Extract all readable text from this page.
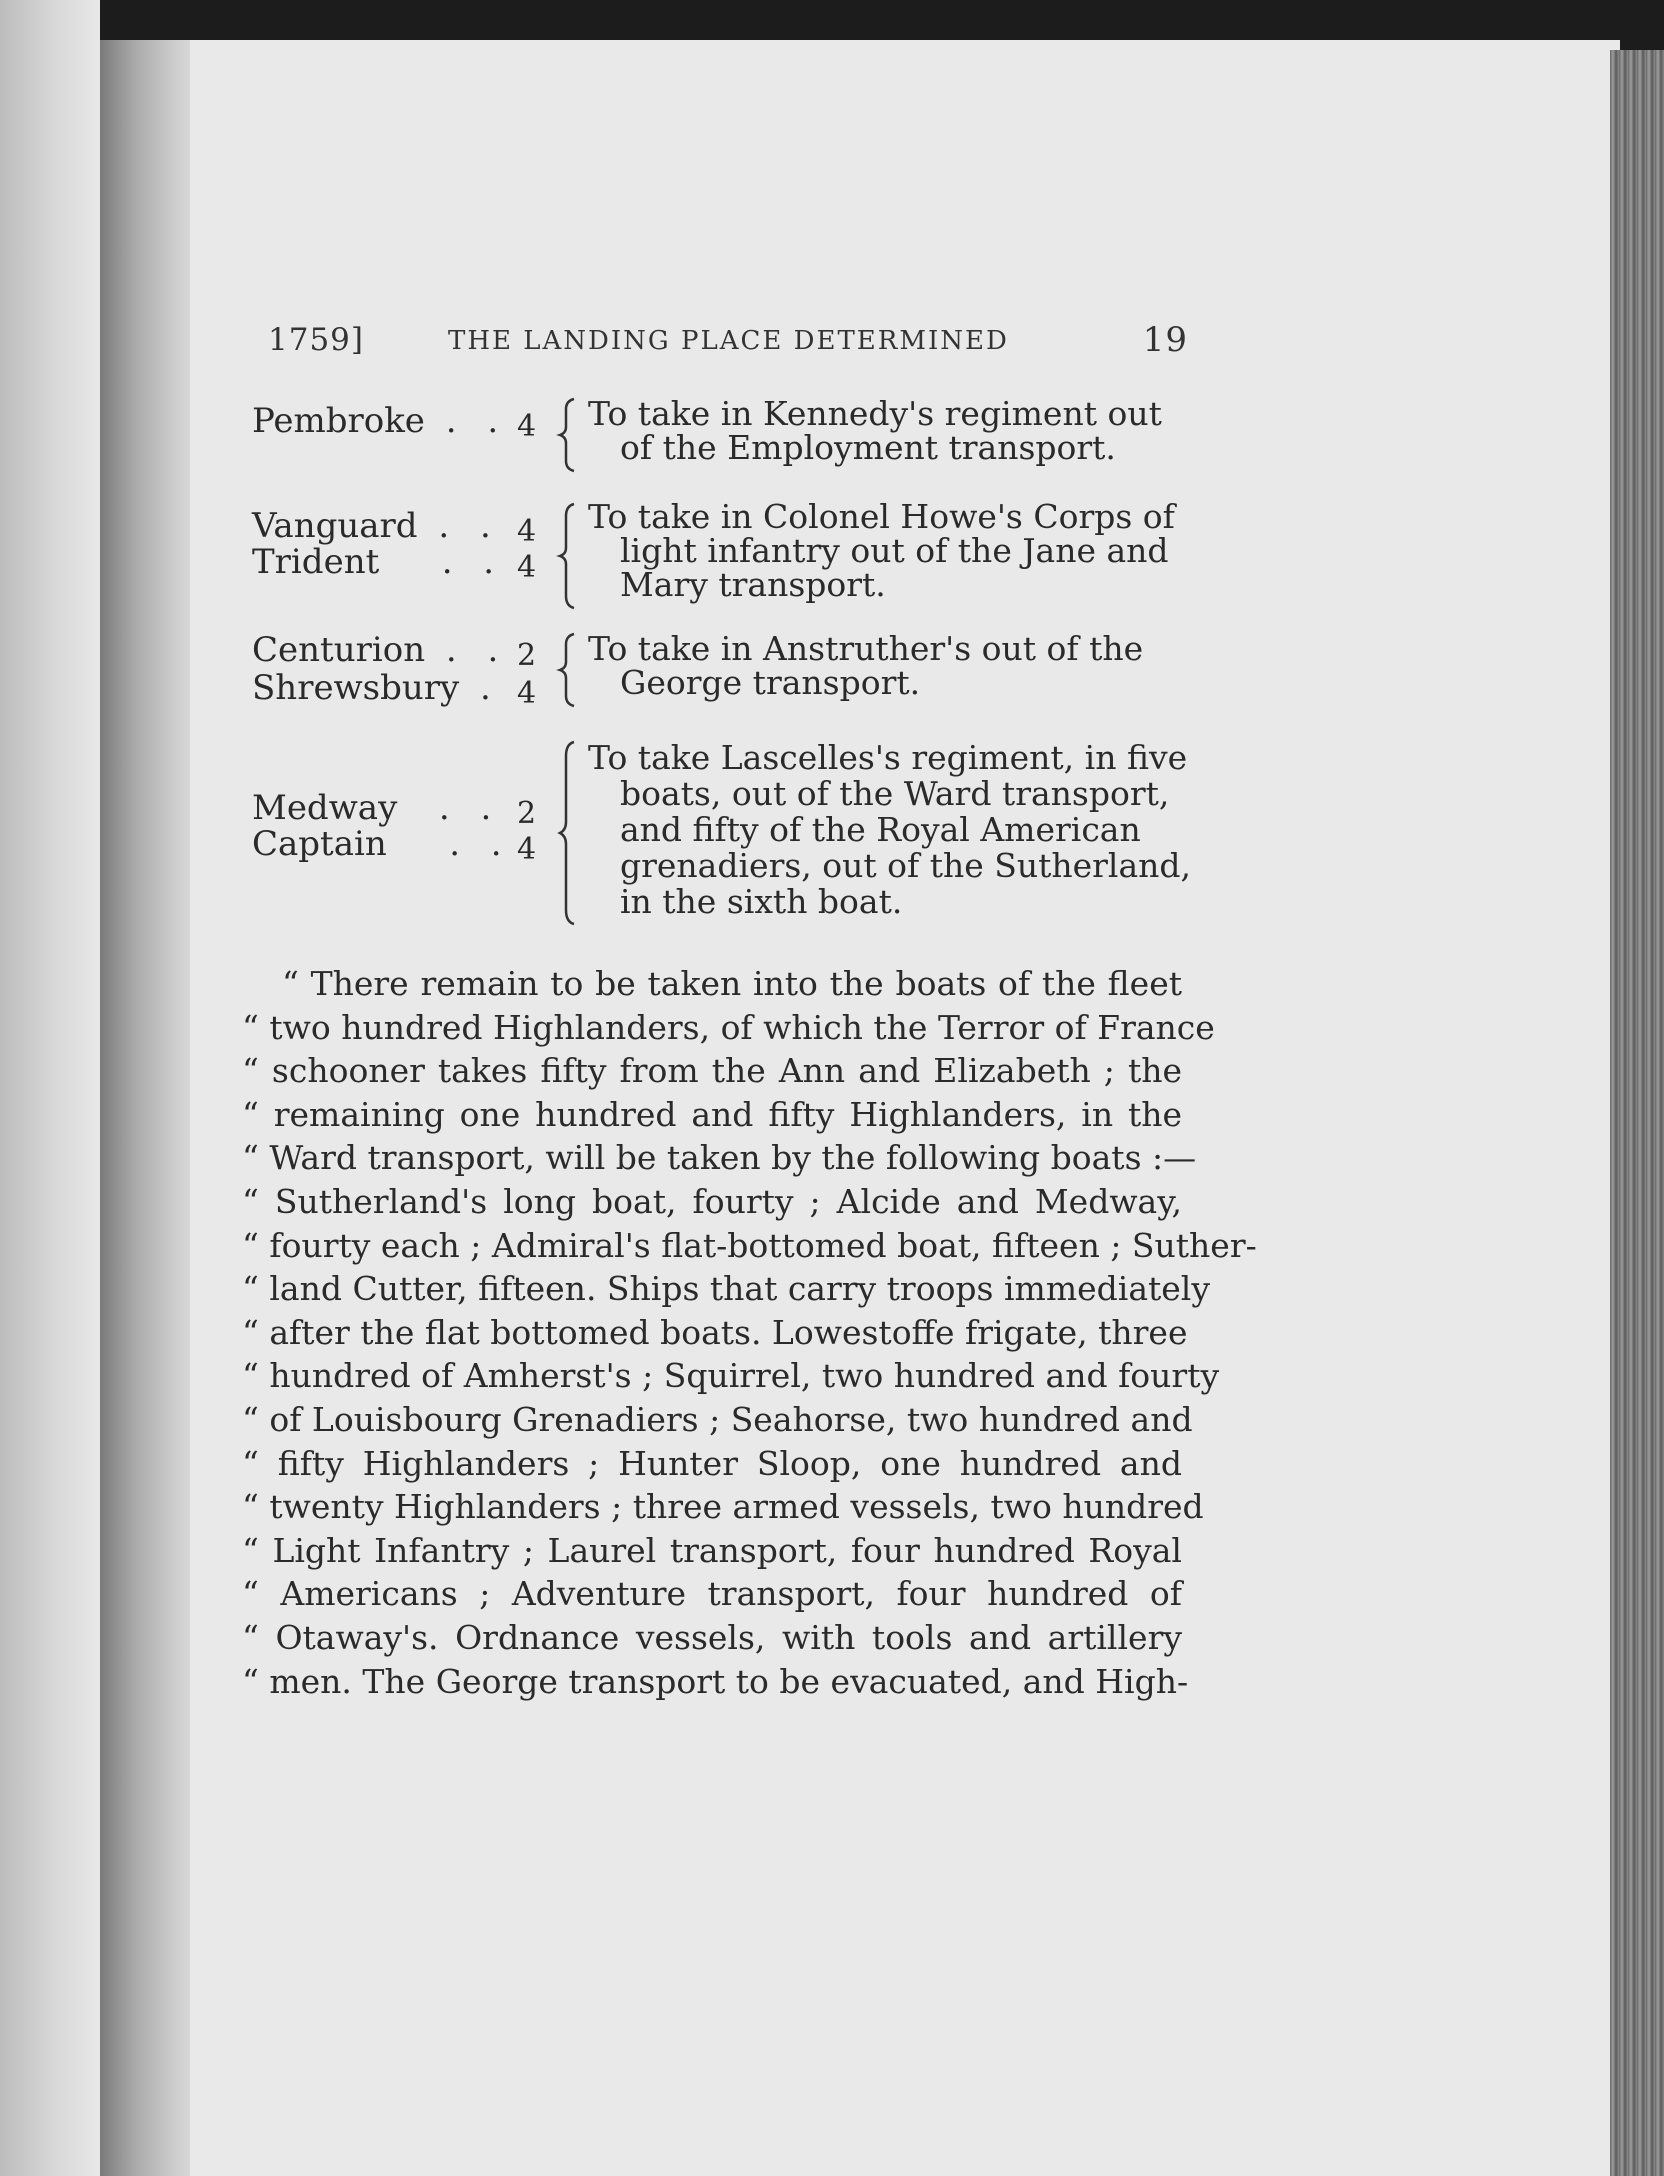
1759]	THE LANDING PLACE DETERMINED	19
Pembroke . . 4 To take in Kennedy's regiment out
of the Employment transport.
Vanguard . . 4
Trident   . . 4
To take in Colonel Howe's Corps of
light infantry out of the Jane and
Mary transport.
Centurion . . 2
Shrewsbury . 4
To take in Anstruther's out of the
George transport.
Medway  . . 2
Captain   . . 4
To take Lascelles's regiment, in five
boats, out of the Ward transport,
and fifty of the Royal American
grenadiers, out of the Sutherland,
in the sixth boat.
“ There remain to be taken into the boats of the fleet
“ two hundred Highlanders, of which the Terror of France
“ schooner takes fifty from the Ann and Elizabeth ; the
“ remaining one hundred and fifty Highlanders, in the
“ Ward transport, will be taken by the following boats :—
“ Sutherland's long boat, fourty ; Alcide and Medway,
“ fourty each ; Admiral's flat-bottomed boat, fifteen ; Suther-
“ land Cutter, fifteen. Ships that carry troops immediately
“ after the flat bottomed boats. Lowestoffe frigate, three
“ hundred of Amherst's ; Squirrel, two hundred and fourty
“ of Louisbourg Grenadiers ; Seahorse, two hundred and
“ fifty Highlanders ; Hunter Sloop, one hundred and
“ twenty Highlanders ; three armed vessels, two hundred
“ Light Infantry ; Laurel transport, four hundred Royal
“ Americans ; Adventure transport, four hundred of
“ Otaway's. Ordnance vessels, with tools and artillery
“ men. The George transport to be evacuated, and High-
